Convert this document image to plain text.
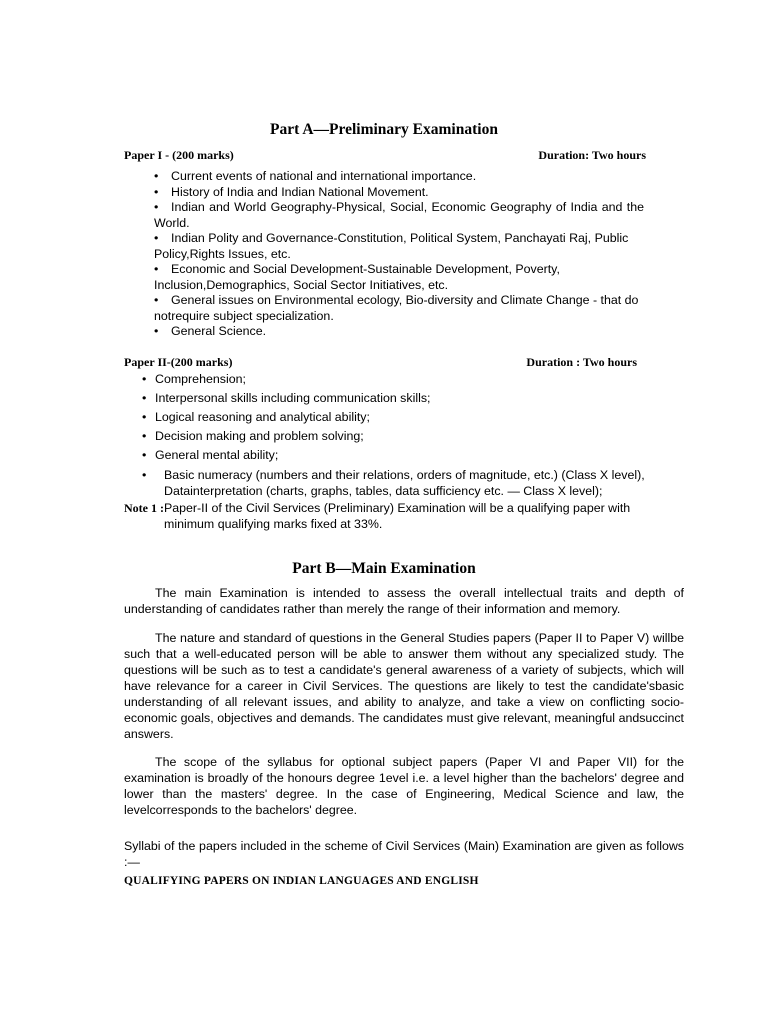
Part A—Preliminary Examination
Paper I - (200 marks)	Duration: Two hours
•	Current events of national and international importance.
•	History of India and Indian National Movement.
•	Indian and World Geography-Physical, Social, Economic Geography of India and the World.
•	Indian Polity and Governance-Constitution, Political System, Panchayati Raj, Public Policy,Rights Issues, etc.
•	Economic and Social Development-Sustainable Development, Poverty, Inclusion,Demographics, Social Sector Initiatives, etc.
•	General issues on Environmental ecology, Bio-diversity and Climate Change - that do notrequire subject specialization.
•	General Science.
Paper II-(200 marks)	Duration : Two hours
• Comprehension;
• Interpersonal skills including communication skills;
• Logical reasoning and analytical ability;
• Decision making and problem solving;
• General mental ability;
• Basic numeracy (numbers and their relations, orders of magnitude, etc.) (Class X level), Datainterpretation (charts, graphs, tables, data sufficiency etc. — Class X level);
Note 1 :Paper-II of the Civil Services (Preliminary) Examination will be a qualifying paper with
minimum qualifying marks fixed at 33%.
Part B—Main Examination

The main Examination is intended to assess the overall intellectual traits and depth of understanding of candidates rather than merely the range of their information and memory.

The nature and standard of questions in the General Studies papers (Paper II to Paper V) willbe such that a well-educated person will be able to answer them without any specialized study. The questions will be such as to test a candidate's general awareness of a variety of subjects, which will have relevance for a career in Civil Services. The questions are likely to test the candidate'sbasic understanding of all relevant issues, and ability to analyze, and take a view on conflicting socio-economic goals, objectives and demands. The candidates must give relevant, meaningful andsuccinct answers.

The scope of the syllabus for optional subject papers (Paper VI and Paper VII) for the examination is broadly of the honours degree 1evel i.e. a level higher than the bachelors' degree and lower than the masters' degree. In the case of Engineering, Medical Science and law, the levelcorresponds to the bachelors' degree.

Syllabi of the papers included in the scheme of Civil Services (Main) Examination are given as follows :—

QUALIFYING PAPERS ON INDIAN LANGUAGES AND ENGLISH
